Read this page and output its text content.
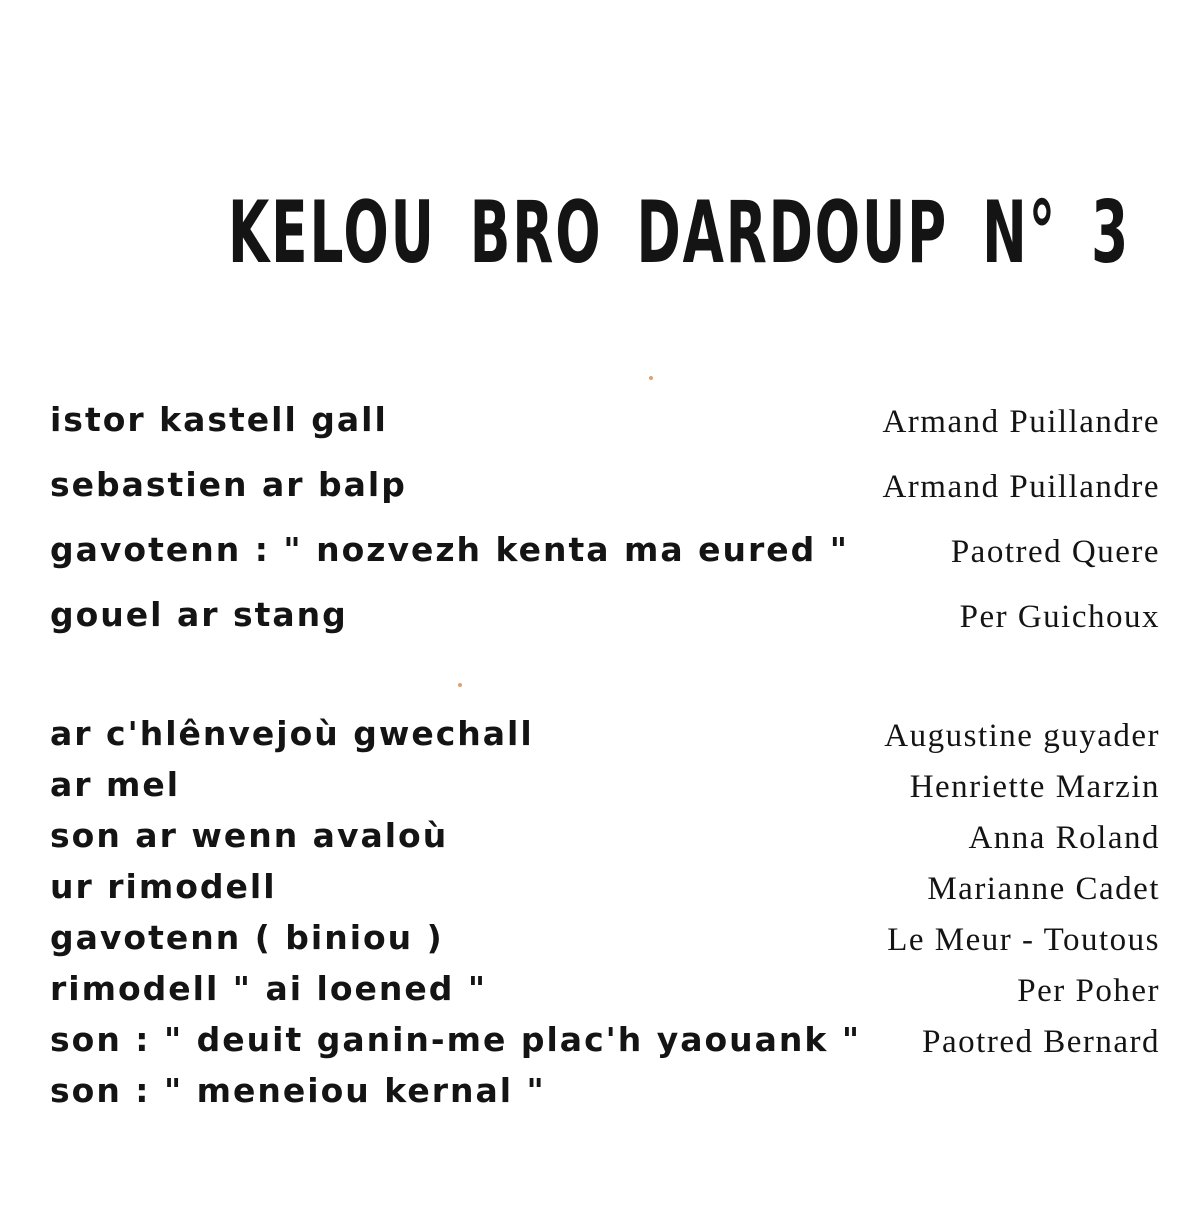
KELOU BRO DARDOUP N° 3
istor kastell gall	Armand Puillandre
sebastien ar balp	Armand Puillandre
gavotenn : " nozvezh kenta ma eured "	Paotred Quere
gouel ar stang	Per Guichoux
ar c'hlênvejoù gwechall	Augustine guyader
ar mel	Henriette Marzin
son ar wenn avaloù	Anna Roland
ur rimodell	Marianne Cadet
gavotenn ( biniou )	Le Meur - Toutous
rimodell " ai loened "	Per Poher
son : " deuit ganin-me plac'h yaouank " Paotred Bernard
son : " meneiou kernal "
